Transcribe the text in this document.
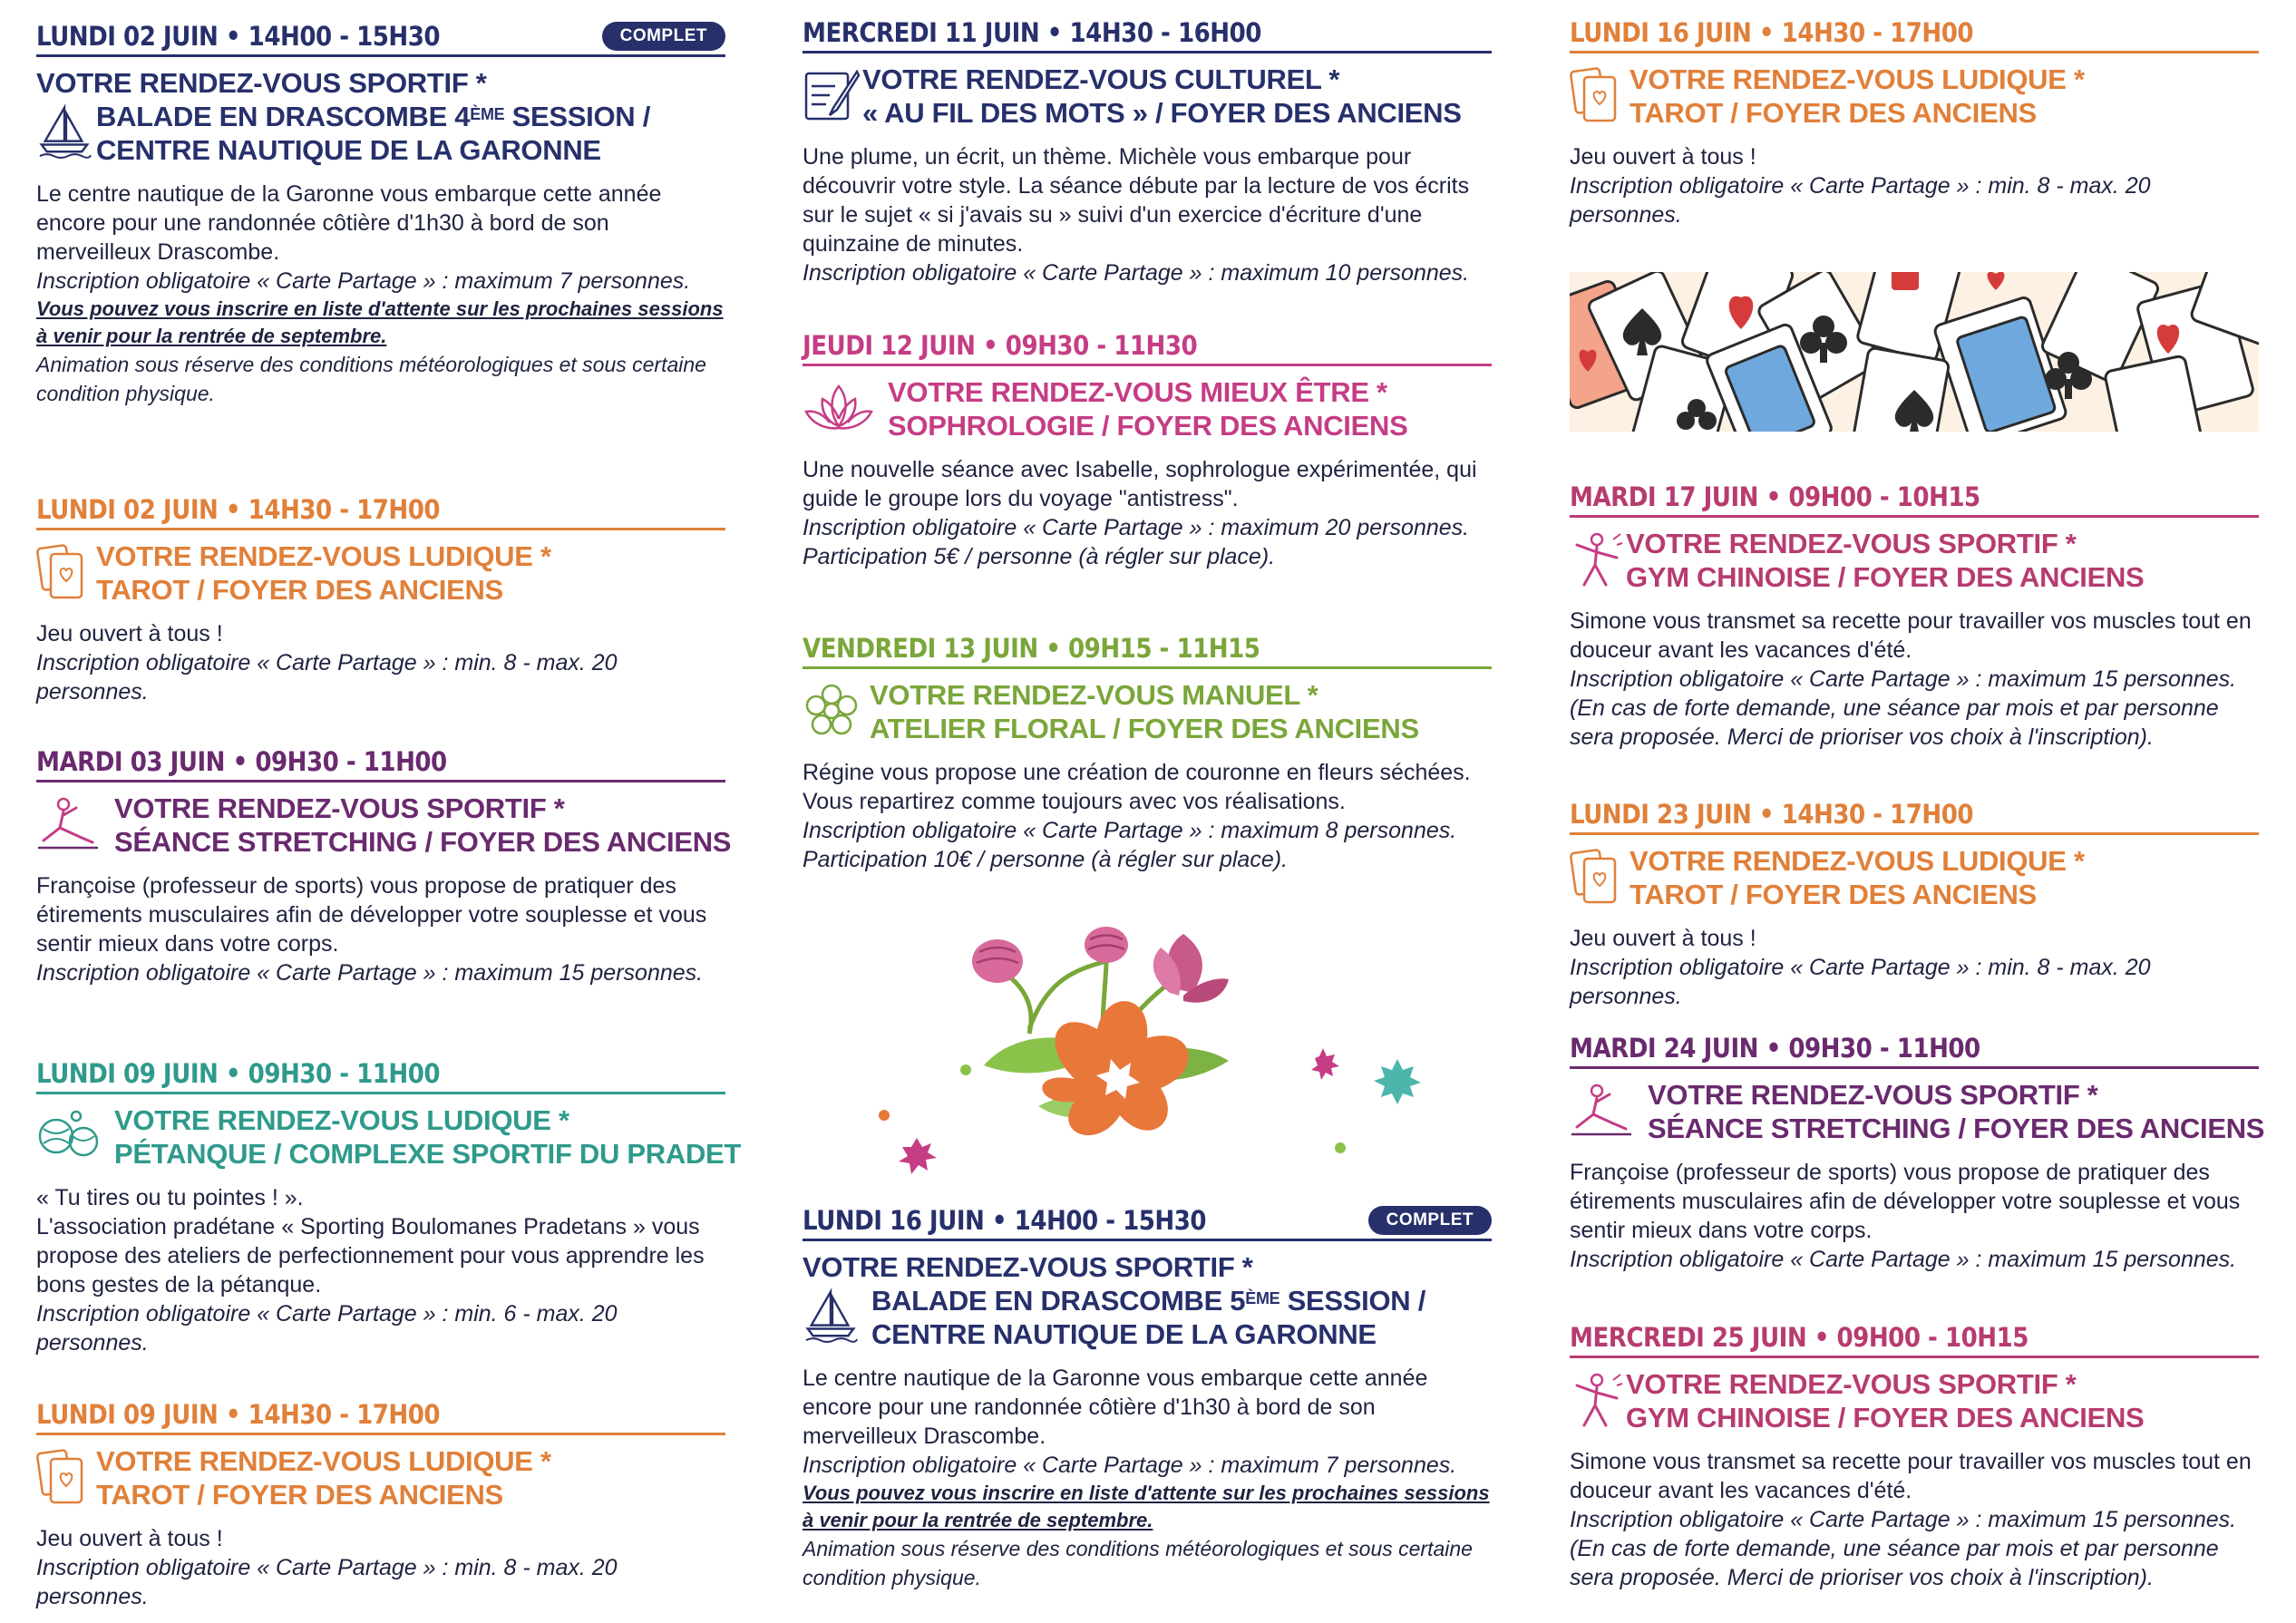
LUNDI 02 JUIN • 14H00 - 15H30	COMPLET
VOTRE RENDEZ-VOUS SPORTIF *
BALADE EN DRASCOMBE 4ÈME SESSION /
CENTRE NAUTIQUE DE LA GARONNE

Le centre nautique de la Garonne vous embarque cette année encore pour une randonnée côtière d'1h30 à bord de son merveilleux Drascombe.

Inscription obligatoire « Carte Partage » : maximum 7 personnes.

Vous pouvez vous inscrire en liste d'attente sur les prochaines sessions à venir pour la rentrée de septembre.

Animation sous réserve des conditions météorologiques et sous certaine condition physique.

LUNDI 02 JUIN • 14H30 - 17H00
VOTRE RENDEZ-VOUS LUDIQUE *
TAROT / FOYER DES ANCIENS

Jeu ouvert à tous !

Inscription obligatoire « Carte Partage » : min. 8 - max. 20 personnes.

MARDI 03 JUIN • 09H30 - 11H00
VOTRE RENDEZ-VOUS SPORTIF *
SÉANCE STRETCHING / FOYER DES ANCIENS

Françoise (professeur de sports) vous propose de pratiquer des étirements musculaires afin de développer votre souplesse et vous sentir mieux dans votre corps.

Inscription obligatoire « Carte Partage » : maximum 15 personnes.

LUNDI 09 JUIN • 09H30 - 11H00
VOTRE RENDEZ-VOUS LUDIQUE *
PÉTANQUE / COMPLEXE SPORTIF DU PRADET

« Tu tires ou tu pointes ! ».

L'association pradétane « Sporting Boulomanes Pradetans » vous propose des ateliers de perfectionnement pour vous apprendre les bons gestes de la pétanque.

Inscription obligatoire « Carte Partage » : min. 6 - max. 20 personnes.

LUNDI 09 JUIN • 14H30 - 17H00
VOTRE RENDEZ-VOUS LUDIQUE *
TAROT / FOYER DES ANCIENS

Jeu ouvert à tous !

Inscription obligatoire « Carte Partage » : min. 8 - max. 20 personnes.

MERCREDI 11 JUIN • 14H30 - 16H00
VOTRE RENDEZ-VOUS CULTUREL *
« AU FIL DES MOTS » / FOYER DES ANCIENS

Une plume, un écrit, un thème. Michèle vous embarque pour découvrir votre style. La séance débute par la lecture de vos écrits sur le sujet « si j'avais su » suivi d'un exercice d'écriture d'une quinzaine de minutes.

Inscription obligatoire « Carte Partage » : maximum 10 personnes.

JEUDI 12 JUIN • 09H30 - 11H30
VOTRE RENDEZ-VOUS MIEUX ÊTRE *
SOPHROLOGIE / FOYER DES ANCIENS

Une nouvelle séance avec Isabelle, sophrologue expérimentée, qui guide le groupe lors du voyage "antistress".

Inscription obligatoire « Carte Partage » : maximum 20 personnes.

Participation 5€ / personne (à régler sur place).

VENDREDI 13 JUIN • 09H15 - 11H15
VOTRE RENDEZ-VOUS MANUEL *
ATELIER FLORAL / FOYER DES ANCIENS

Régine vous propose une création de couronne en fleurs séchées. Vous repartirez comme toujours avec vos réalisations.

Inscription obligatoire « Carte Partage » : maximum 8 personnes.

Participation 10€ / personne (à régler sur place).

LUNDI 16 JUIN • 14H00 - 15H30	COMPLET
VOTRE RENDEZ-VOUS SPORTIF *
BALADE EN DRASCOMBE 5ÈME SESSION /
CENTRE NAUTIQUE DE LA GARONNE

Le centre nautique de la Garonne vous embarque cette année encore pour une randonnée côtière d'1h30 à bord de son merveilleux Drascombe.

Inscription obligatoire « Carte Partage » : maximum 7 personnes.

Vous pouvez vous inscrire en liste d'attente sur les prochaines sessions à venir pour la rentrée de septembre.

Animation sous réserve des conditions météorologiques et sous certaine condition physique.

LUNDI 16 JUIN • 14H30 - 17H00
VOTRE RENDEZ-VOUS LUDIQUE *
TAROT / FOYER DES ANCIENS

Jeu ouvert à tous !

Inscription obligatoire « Carte Partage » : min. 8 - max. 20 personnes.

MARDI 17 JUIN • 09H00 - 10H15
VOTRE RENDEZ-VOUS SPORTIF *
GYM CHINOISE / FOYER DES ANCIENS

Simone vous transmet sa recette pour travailler vos muscles tout en douceur avant les vacances d'été.

Inscription obligatoire « Carte Partage » : maximum 15 personnes.

(En cas de forte demande, une séance par mois et par personne sera proposée. Merci de prioriser vos choix à l'inscription).

LUNDI 23 JUIN • 14H30 - 17H00
VOTRE RENDEZ-VOUS LUDIQUE *
TAROT / FOYER DES ANCIENS

Jeu ouvert à tous !

Inscription obligatoire « Carte Partage » : min. 8 - max. 20 personnes.

MARDI 24 JUIN • 09H30 - 11H00
VOTRE RENDEZ-VOUS SPORTIF *
SÉANCE STRETCHING / FOYER DES ANCIENS

Françoise (professeur de sports) vous propose de pratiquer des étirements musculaires afin de développer votre souplesse et vous sentir mieux dans votre corps.

Inscription obligatoire « Carte Partage » : maximum 15 personnes.

MERCREDI 25 JUIN • 09H00 - 10H15
VOTRE RENDEZ-VOUS SPORTIF *
GYM CHINOISE / FOYER DES ANCIENS

Simone vous transmet sa recette pour travailler vos muscles tout en douceur avant les vacances d'été.

Inscription obligatoire « Carte Partage » : maximum 15 personnes.

(En cas de forte demande, une séance par mois et par personne sera proposée. Merci de prioriser vos choix à l'inscription).
